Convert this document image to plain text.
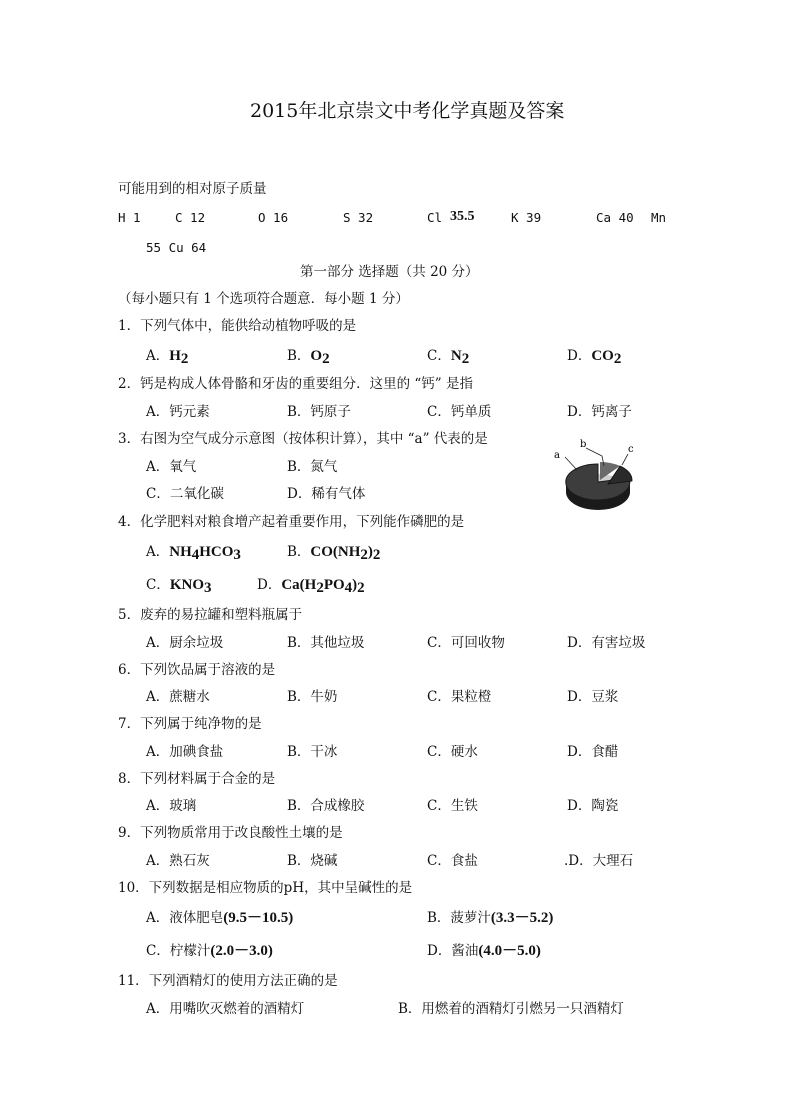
2015年北京崇文中考化学真题及答案
可能用到的相对原子质量
H 1	C 12	O 16	S 32	Cl 35.5	K 39	Ca 40 Mn
55 Cu 64
第一部分 选择题（共 20 分）
（每小题只有 1 个选项符合题意．每小题 1 分）
1．下列气体中，能供给动植物呼吸的是
A．$H_2$	B．$O_2$	C．$N_2$	D．$CO_2$
2．钙是构成人体骨骼和牙齿的重要组分．这里的 “钙” 是指
A．钙元素	B．钙原子	C．钙单质	D．钙离子
3．右图为空气成分示意图（按体积计算），其中 “a” 代表的是
A．氧气	B．氮气
C．二氧化碳	D．稀有气体
a
b	c
4．化学肥料对粮食增产起着重要作用，下列能作磷肥的是
A．$NH_4HCO_3$	B．$CO(NH_2)_2$
C．$KNO_3$	D．$Ca(H_2PO_4)_2$
5．废弃的易拉罐和塑料瓶属于
A．厨余垃圾	B．其他垃圾	C．可回收物	D．有害垃圾
6．下列饮品属于溶液的是
A．蔗糖水	B．牛奶	C．果粒橙	D．豆浆
7．下列属于纯净物的是
A．加碘食盐	B．干冰	C．硬水	D．食醋
8．下列材料属于合金的是
A．玻璃	B．合成橡胶	C．生铁	D．陶瓷
9．下列物质常用于改良酸性土壤的是
A．熟石灰	B．烧碱	C．食盐	.D．大理石
10．下列数据是相应物质的pH，其中呈碱性的是
A．液体肥皂(9.5－10.5)	B．菠萝汁(3.3－5.2)
C．柠檬汁(2.0－3.0)	D．酱油(4.0－5.0)
11．下列酒精灯的使用方法正确的是
A．用嘴吹灭燃着的酒精灯	B．用燃着的酒精灯引燃另一只酒精灯
